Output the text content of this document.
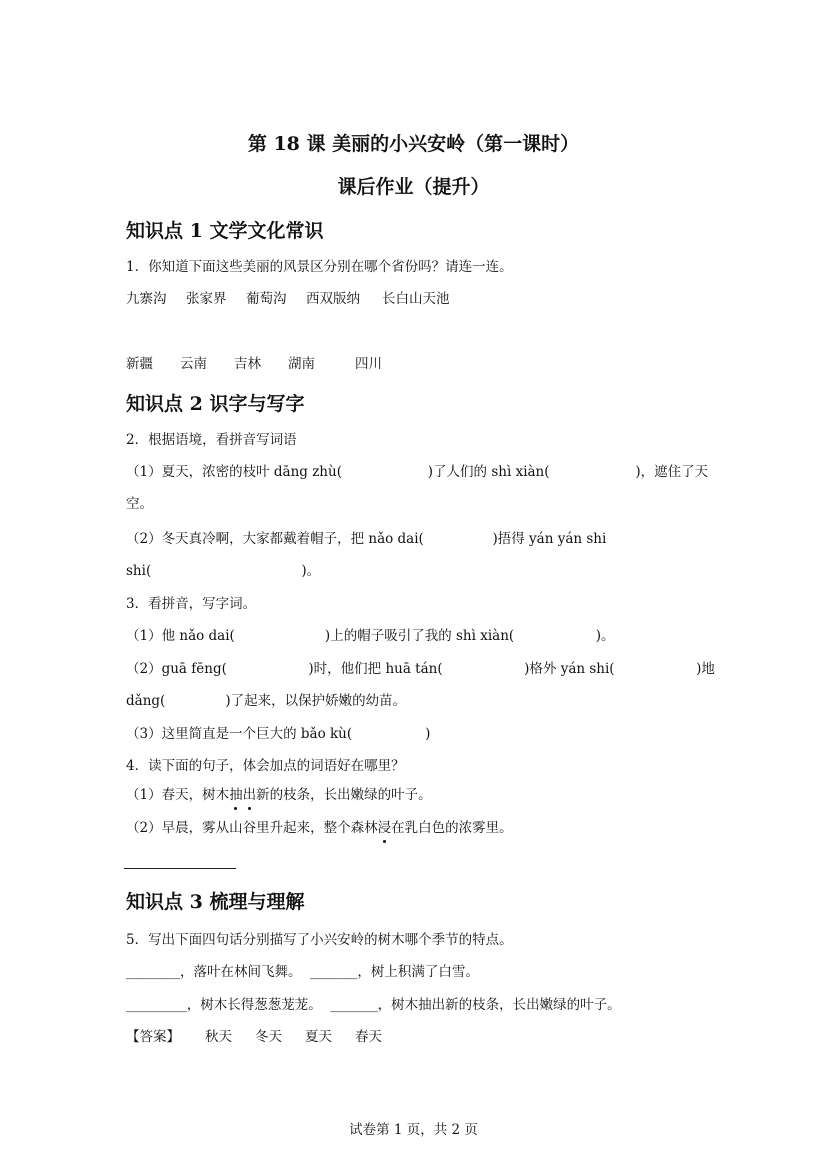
第 18 课 美丽的小兴安岭（第一课时）
课后作业（提升）
知识点 1 文学文化常识
1．你知道下面这些美丽的风景区分别在哪个省份吗？请连一连。
九寨沟 张家界 葡萄沟 西双版纳 长白山天池
新疆 云南 吉林 湖南	四川
知识点 2 识字与写字
2．根据语境，看拼音写词语
（1）夏天，浓密的枝叶 dāng zhù(                    )了人们的 shì xiàn(                    )，遮住了天
空。
（2）冬天真冷啊，大家都戴着帽子，把 nǎo dai(                )捂得 yán yán shi
shi(                                   )。
3．看拼音，写字词。
（1）他 nǎo dai(                     )上的帽子吸引了我的 shì xiàn(                   )。
（2）guā fēng(                   )时，他们把 huā tán(                   )格外 yán shi(                   )地
dǎng(              )了起来，以保护娇嫩的幼苗。
（3）这里简直是一个巨大的 bǎo kù(                 )
4．读下面的句子，体会加点的词语好在哪里？
（1）春天，树木 抽 出 新的枝条，长出嫩绿的叶子。
（2）早晨，雾从山谷里升起来，整个森林 浸 在乳白色的浓雾里。
知识点 3 梳理与理解
5．写出下面四句话分别描写了小兴安岭的树木哪个季节的特点。
________，落叶在林间飞舞。  _______，树上积满了白雪。
_________，树木长得葱葱茏茏。  _______，树木抽出新的枝条，长出嫩绿的叶子。
【答案】 秋天 冬天 夏天 春天
试卷第 1 页，共 2 页
